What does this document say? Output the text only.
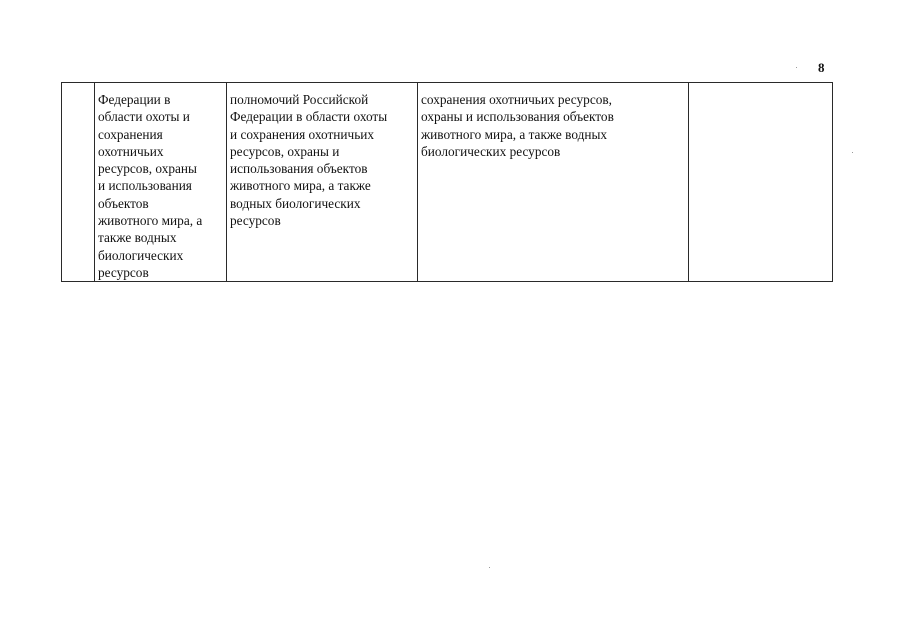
8
	Федерации в
области охоты и
сохранения
охотничьих
ресурсов, охраны
и использования
объектов
животного мира, а
также водных
биологических
ресурсов	полномочий Российской
Федерации в области охоты
и сохранения охотничьих
ресурсов, охраны и
использования объектов
животного мира, а также
водных биологических
ресурсов	сохранения охотничьих ресурсов,
охраны и использования объектов
животного мира, а также водных
биологических ресурсов	
